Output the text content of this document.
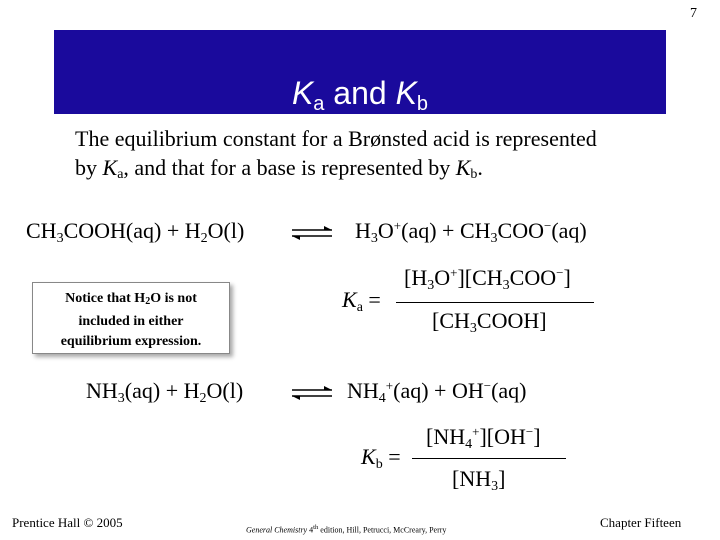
7
$K_a$ and $K_b$
The equilibrium constant for a Brønsted acid is represented
by $K_a$, and that for a base is represented by $K_b$.
$CH_3COOH(aq) + H_2O(l)$	⇌ $H_3O^+(aq) + CH_3COO^-(aq)$
Notice that $H_2O$ is not
included in either
equilibrium expression.
$K_a$ =
$[H_3O^+][CH_3COO^-]$
$[CH_3COOH]$
$NH_3(aq) + H_2O(l)$	⇌ $NH_4^+(aq) + OH^-(aq)$
$K_b$ =
$[NH_4^+][OH^-]$
$[NH_3]$
Prentice Hall © 2005
General Chemistry 4th edition, Hill, Petrucci, McCreary, Perry
Chapter Fifteen
